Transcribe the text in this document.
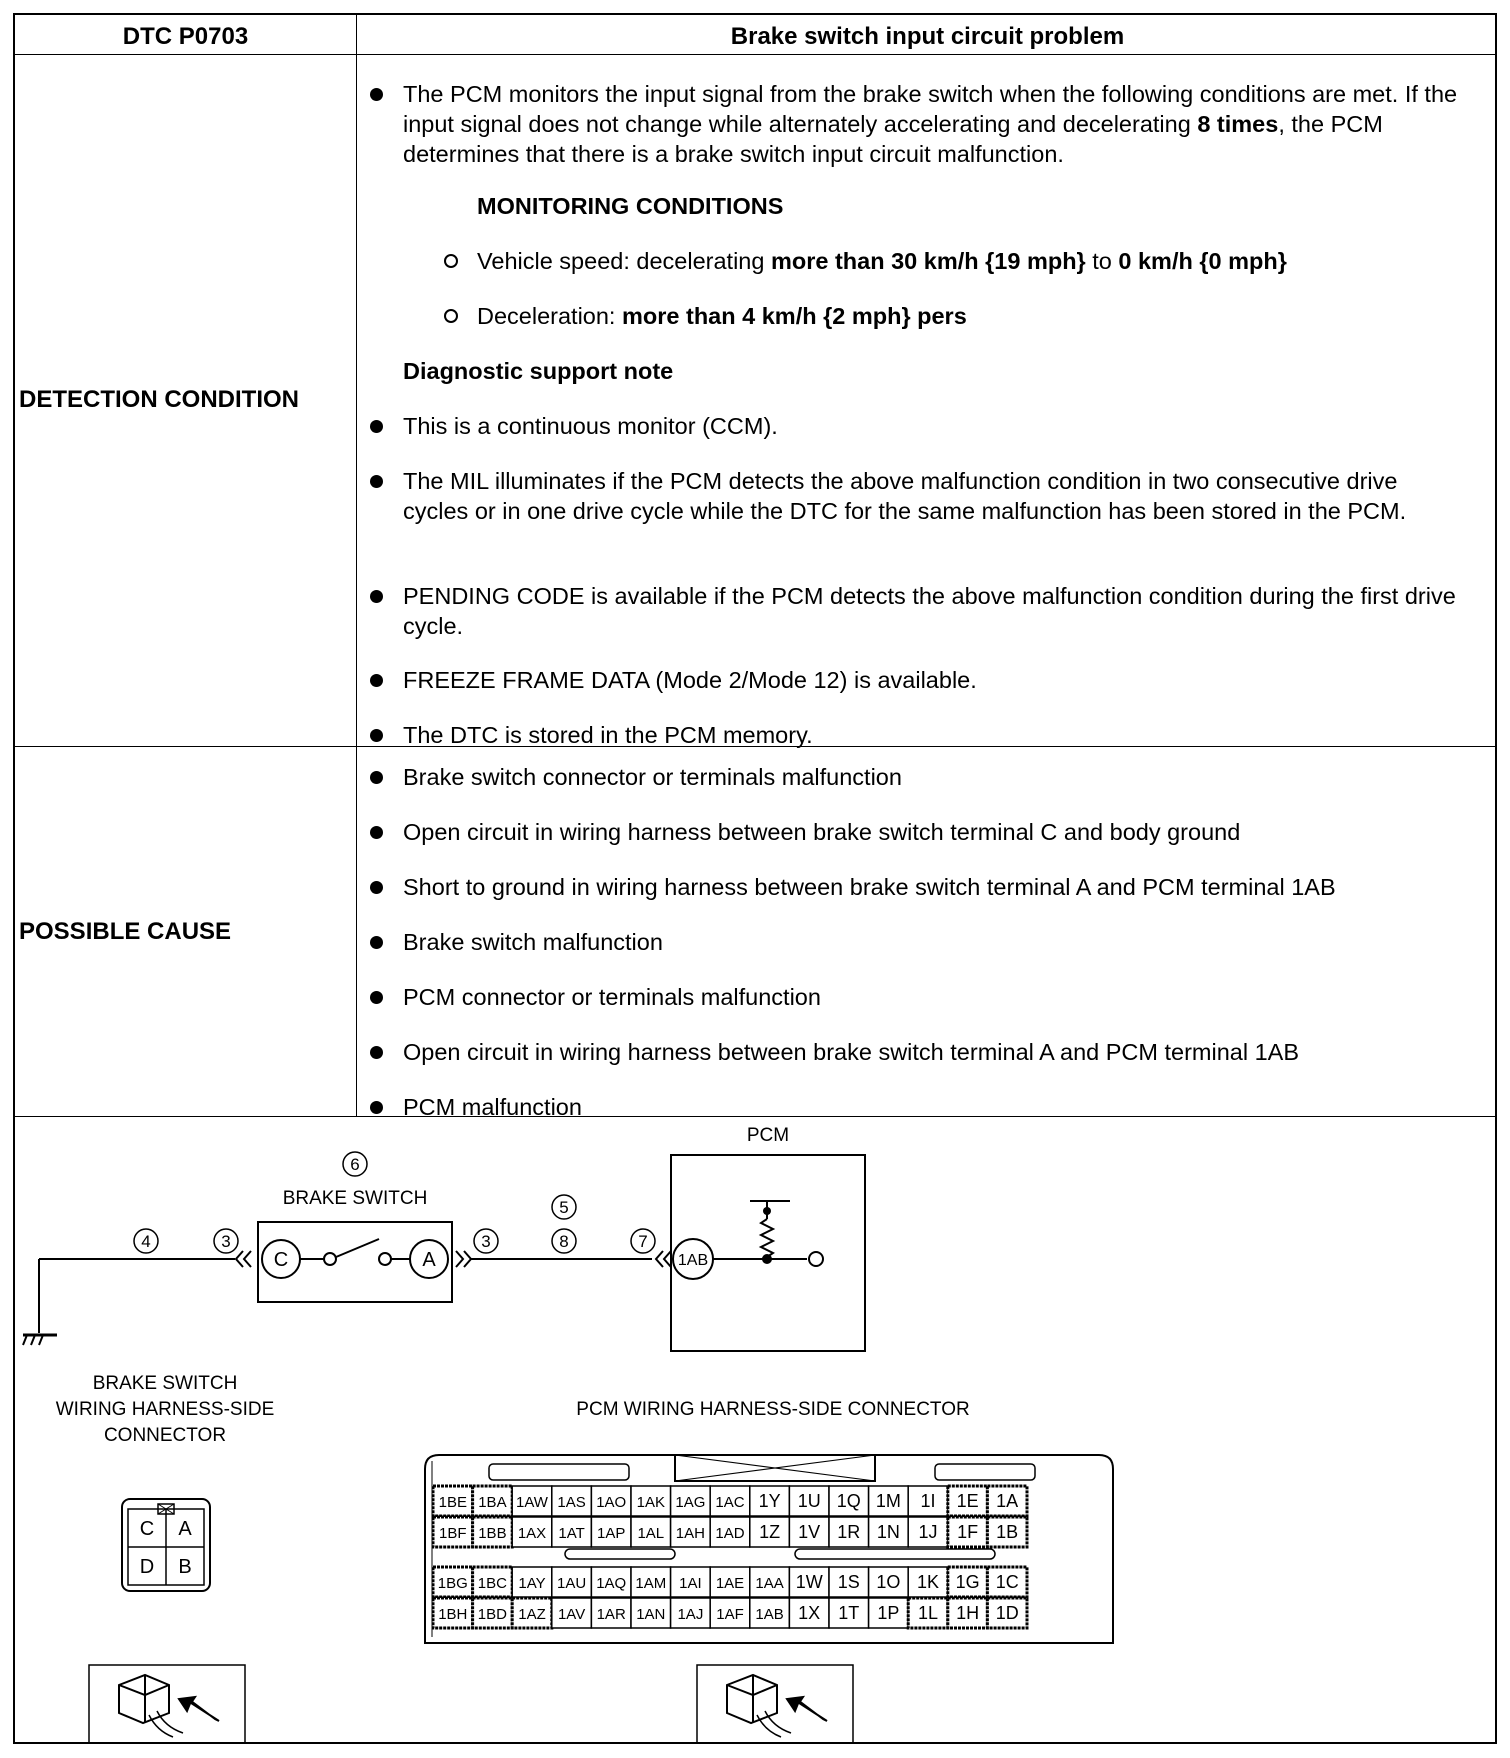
DTC P0703	Brake switch input circuit problem
DETECTION CONDITION
The PCM monitors the input signal from the brake switch when the following conditions are met. If the input signal does not change while alternately accelerating and decelerating 8 times, the PCM determines that there is a brake switch input circuit malfunction.
MONITORING CONDITIONS
Vehicle speed: decelerating more than 30 km/h {19 mph} to 0 km/h {0 mph}
Deceleration: more than 4 km/h {2 mph} pers
Diagnostic support note
This is a continuous monitor (CCM).
The MIL illuminates if the PCM detects the above malfunction condition in two consecutive drive cycles or in one drive cycle while the DTC for the same malfunction has been stored in the PCM.
PENDING CODE is available if the PCM detects the above malfunction condition during the first drive cycle.
FREEZE FRAME DATA (Mode 2/Mode 12) is available.
The DTC is stored in the PCM memory.
POSSIBLE CAUSE
Brake switch connector or terminals malfunction
Open circuit in wiring harness between brake switch terminal C and body ground
Short to ground in wiring harness between brake switch terminal A and PCM terminal 1AB
Brake switch malfunction
PCM connector or terminals malfunction
Open circuit in wiring harness between brake switch terminal A and PCM terminal 1AB
PCM malfunction
4	3
6
3
5
8	7
C	A	1AB
BRAKE SWITCH
PCM
BRAKE SWITCH
WIRING HARNESS-SIDE
CONNECTOR
PCM WIRING HARNESS-SIDE CONNECTOR
C A
D B
1BE 1BA 1AW 1AS 1AO 1AK 1AG 1AC 1Y 1U 1Q 1M 1I 1E 1A
1BF 1BB 1AX 1AT 1AP 1AL 1AH 1AD 1Z 1V 1R 1N 1J 1F 1B
1BG 1BC 1AY 1AU 1AQ 1AM 1AI 1AE 1AA 1W 1S 1O 1K 1G 1C
1BH 1BD 1AZ 1AV 1AR 1AN 1AJ 1AF 1AB 1X 1T 1P 1L 1H 1D
